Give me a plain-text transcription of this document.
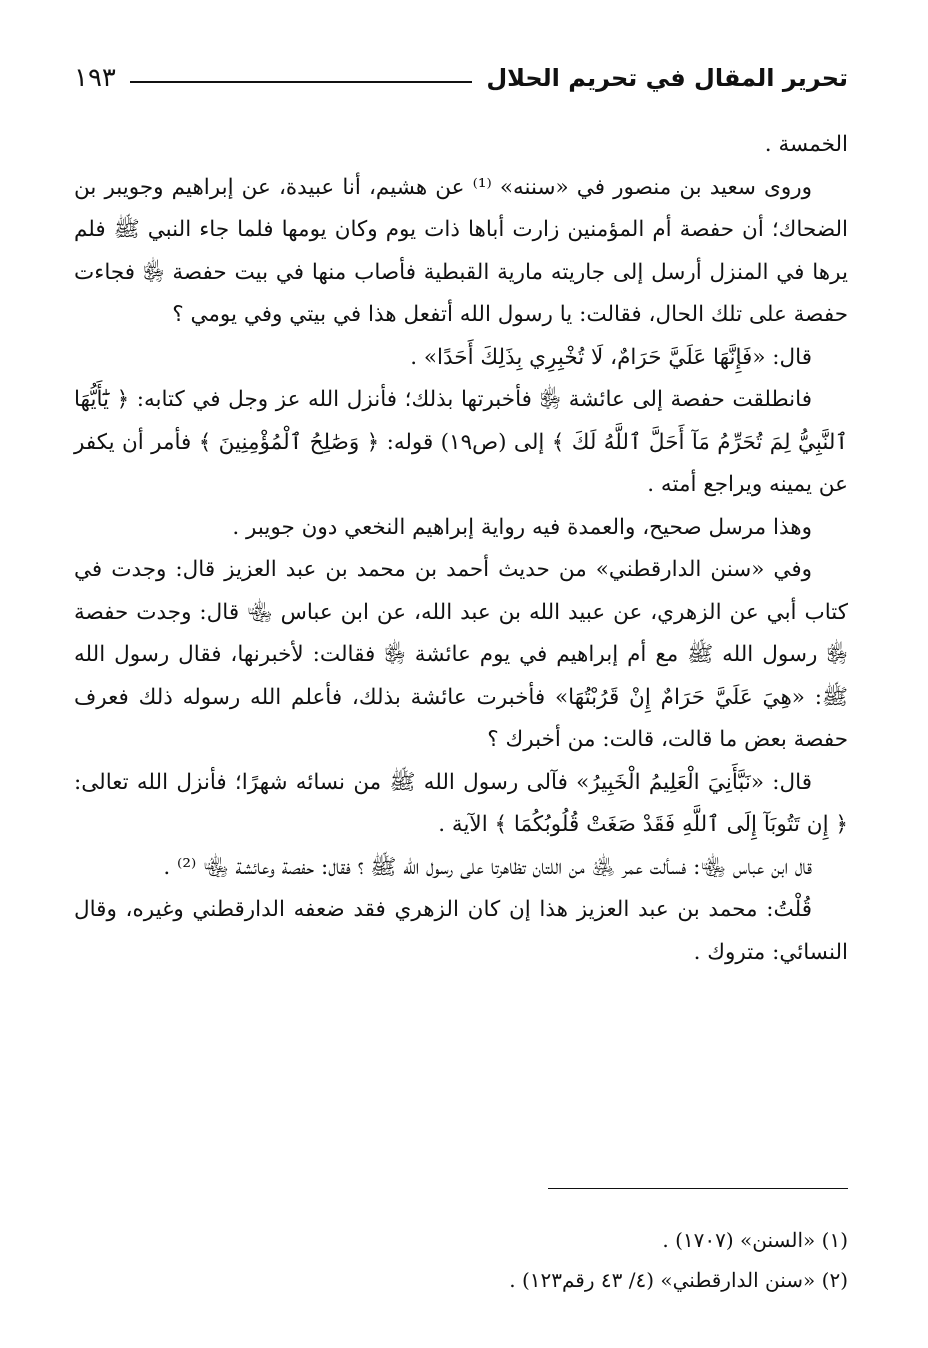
تحرير المقال في تحريم الحلال
١٩٣

الخمسة .

وروى سعيد بن منصور في «سننه» ⁽¹⁾ عن هشيم، أنا عبيدة، عن إبراهيم وجويبر بن الضحاك؛ أن حفصة أم المؤمنين زارت أباها ذات يوم وكان يومها فلما جاء النبي ﷺ فلم يرها في المنزل أرسل إلى جاريته مارية القبطية فأصاب منها في بيت حفصة ﵂ فجاءت حفصة على تلك الحال، فقالت: يا رسول الله أتفعل هذا في بيتي وفي يومي ؟

قال: «فَإِنَّهَا عَلَيَّ حَرَامٌ، لَا تُخْبِرِي بِذَلِكَ أَحَدًا» .

فانطلقت حفصة إلى عائشة ﵂ فأخبرتها بذلك؛ فأنزل الله عز وجل في كتابه: ﴿ يَٰٓأَيُّهَا ٱلنَّبِيُّ لِمَ تُحَرِّمُ مَآ أَحَلَّ ٱللَّهُ لَكَ ﴾ إلى (ص١٩) قوله: ﴿ وَصَٰلِحُ ٱلْمُؤْمِنِينَ ﴾ فأمر أن يكفر عن يمينه ويراجع أمته .

وهذا مرسل صحيح، والعمدة فيه رواية إبراهيم النخعي دون جويبر .

وفي «سنن الدارقطني» من حديث أحمد بن محمد بن عبد العزيز قال: وجدت في كتاب أبي عن الزهري، عن عبيد الله بن عبد الله، عن ابن عباس ﵄ قال: وجدت حفصة ﵂ رسول الله ﷺ مع أم إبراهيم في يوم عائشة ﵂ فقالت: لأخبرنها، فقال رسول الله ﷺ: «هِيَ عَلَيَّ حَرَامٌ إِنْ قَرُبْتُهَا» فأخبرت عائشة بذلك، فأعلم الله رسوله ذلك فعرف حفصة بعض ما قالت، قالت: من أخبرك ؟

قال: «نَبَّأَنِيَ الْعَلِيمُ الْخَبِيرُ» فآلى رسول الله ﷺ من نسائه شهرًا؛ فأنزل الله تعالى: ﴿ إِن تَتُوبَآ إِلَى ٱللَّهِ فَقَدْ صَغَتْ قُلُوبُكُمَا ﴾ الآية .

قال ابن عباس ﵄: فسألت عمر ﵁ من اللتان تظاهرتا على رسول الله ﷺ ؟ فقال: حفصة وعائشة ﵄ ⁽²⁾ .

قُلْتُ: محمد بن عبد العزيز هذا إن كان الزهري فقد ضعفه الدارقطني وغيره، وقال النسائي: متروك .

(١) «السنن» (١٧٠٧) .

(٢) «سنن الدارقطني» (٤/ ٤٣ رقم١٢٣) .
